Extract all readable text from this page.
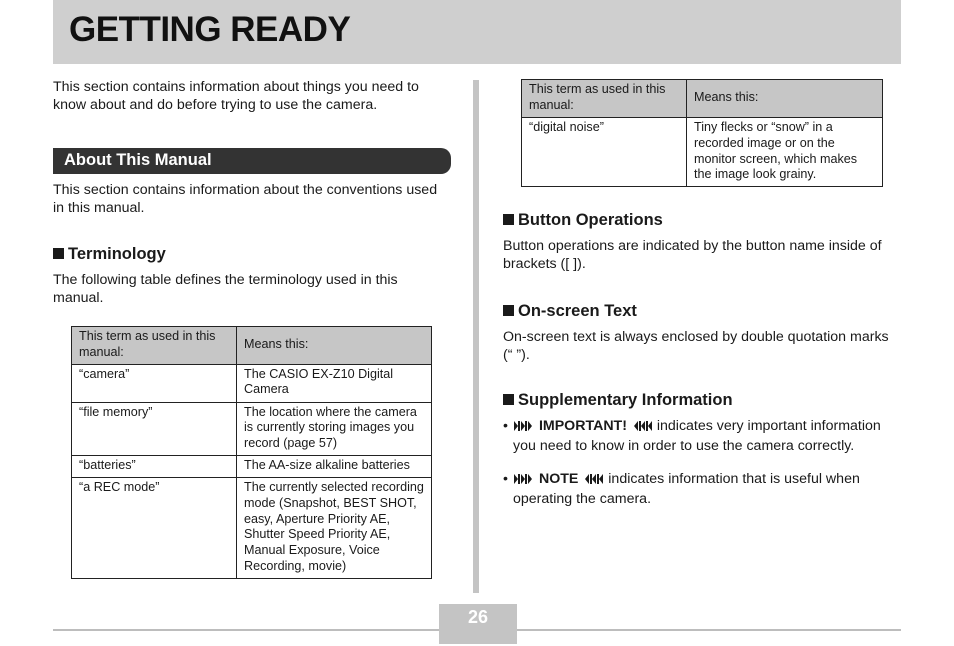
GETTING READY
This section contains information about things you need to know about and do before trying to use the camera.
About This Manual
This section contains information about the conventions used in this manual.
Terminology
The following table defines the terminology used in this manual.
This term as used in this manual:	Means this:
“camera”	The CASIO EX-Z10 Digital Camera
“file memory”	The location where the camera is currently storing images you record (page 57)
“batteries”	The AA-size alkaline batteries
“a REC mode”	The currently selected recording mode (Snapshot, BEST SHOT, easy, Aperture Priority AE, Shutter Speed Priority AE, Manual Exposure, Voice Recording, movie)
This term as used in this manual:	Means this:
“digital noise”	Tiny flecks or “snow” in a recorded image or on the monitor screen, which makes the image look grainy.
Button Operations
Button operations are indicated by the button name inside of brackets ([ ]).
On-screen Text
On-screen text is always enclosed by double quotation marks (“ ”).
Supplementary Information
•	IMPORTANT! indicates very important information you need to know in order to use the camera correctly.
•	NOTE indicates information that is useful when operating the camera.
26
